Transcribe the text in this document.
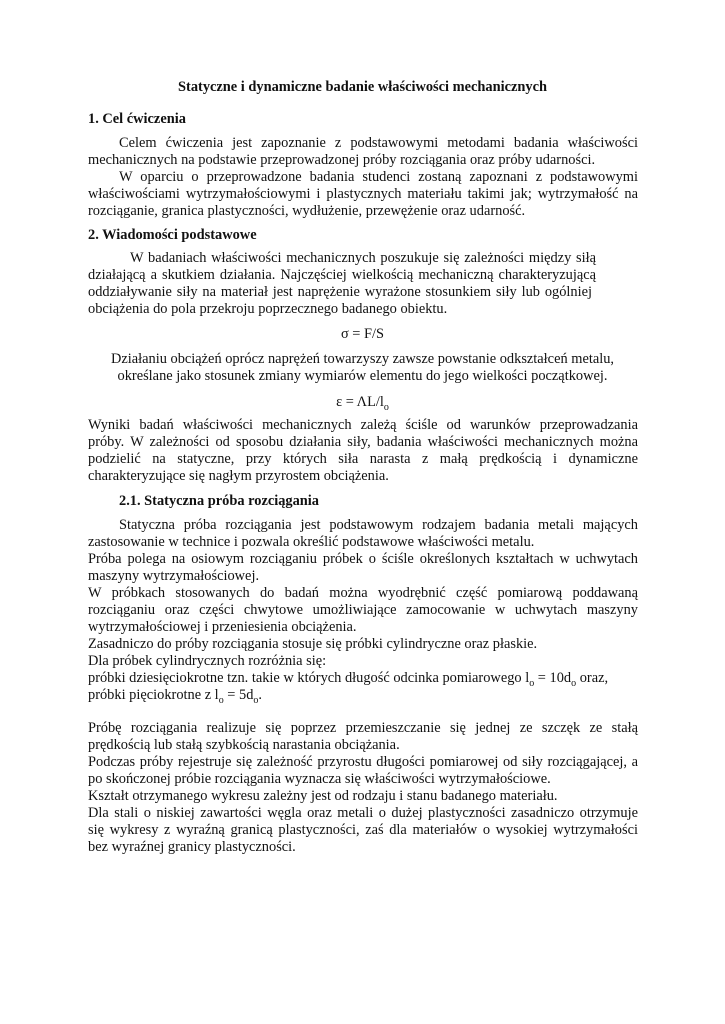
Statyczne i dynamiczne badanie właściwości mechanicznych
1. Cel ćwiczenia
Celem ćwiczenia jest zapoznanie z podstawowymi metodami badania właściwości
mechanicznych na podstawie przeprowadzonej próby rozciągania oraz próby udarności.
W oparciu o przeprowadzone badania studenci zostaną zapoznani z podstawowymi
właściwościami wytrzymałościowymi i plastycznych materiału takimi jak; wytrzymałość na
rozciąganie, granica plastyczności, wydłużenie, przewężenie oraz udarność.
2. Wiadomości podstawowe
W badaniach właściwości mechanicznych poszukuje się zależności między siłą
działającą a skutkiem działania. Najczęściej wielkością mechaniczną charakteryzującą
oddziaływanie siły na materiał jest naprężenie wyrażone stosunkiem siły lub ogólniej
obciążenia do pola przekroju poprzecznego badanego obiektu.
σ = F/S
Działaniu obciążeń oprócz naprężeń towarzyszy zawsze powstanie odkształceń metalu,
określane jako stosunek zmiany wymiarów elementu do jego wielkości początkowej.
$\varepsilon = \Lambda L/l_o$
Wyniki badań właściwości mechanicznych zależą ściśle od warunków przeprowadzania
próby. W zależności od sposobu działania siły, badania właściwości mechanicznych można
podzielić na statyczne, przy których siła narasta z małą prędkością i dynamiczne
charakteryzujące się nagłym przyrostem obciążenia.
2.1. Statyczna próba rozciągania
Statyczna próba rozciągania jest podstawowym rodzajem badania metali mających
zastosowanie w technice i pozwala określić podstawowe właściwości metalu.
Próba polega na osiowym rozciąganiu próbek o ściśle określonych kształtach w uchwytach
maszyny wytrzymałościowej.
W próbkach stosowanych do badań można wyodrębnić część pomiarową poddawaną
rozciąganiu oraz części chwytowe umożliwiające zamocowanie w uchwytach maszyny
wytrzymałościowej i przeniesienia obciążenia.
Zasadniczo do próby rozciągania stosuje się próbki cylindryczne oraz płaskie.
Dla próbek cylindrycznych rozróżnia się:
próbki dziesięciokrotne tzn. takie w których długość odcinka pomiarowego $l_o = 10d_o$ oraz,
próbki pięciokrotne z $l_o = 5d_o$.
Próbę rozciągania realizuje się poprzez przemieszczanie się jednej ze szczęk ze stałą
prędkością lub stałą szybkością narastania obciążania.
Podczas próby rejestruje się zależność przyrostu długości pomiarowej od siły rozciągającej, a
po skończonej próbie rozciągania wyznacza się właściwości wytrzymałościowe.
Kształt otrzymanego wykresu zależny jest od rodzaju i stanu badanego materiału.
Dla stali o niskiej zawartości węgla oraz metali o dużej plastyczności zasadniczo otrzymuje
się wykresy z wyraźną granicą plastyczności, zaś dla materiałów o wysokiej wytrzymałości
bez wyraźnej granicy plastyczności.
